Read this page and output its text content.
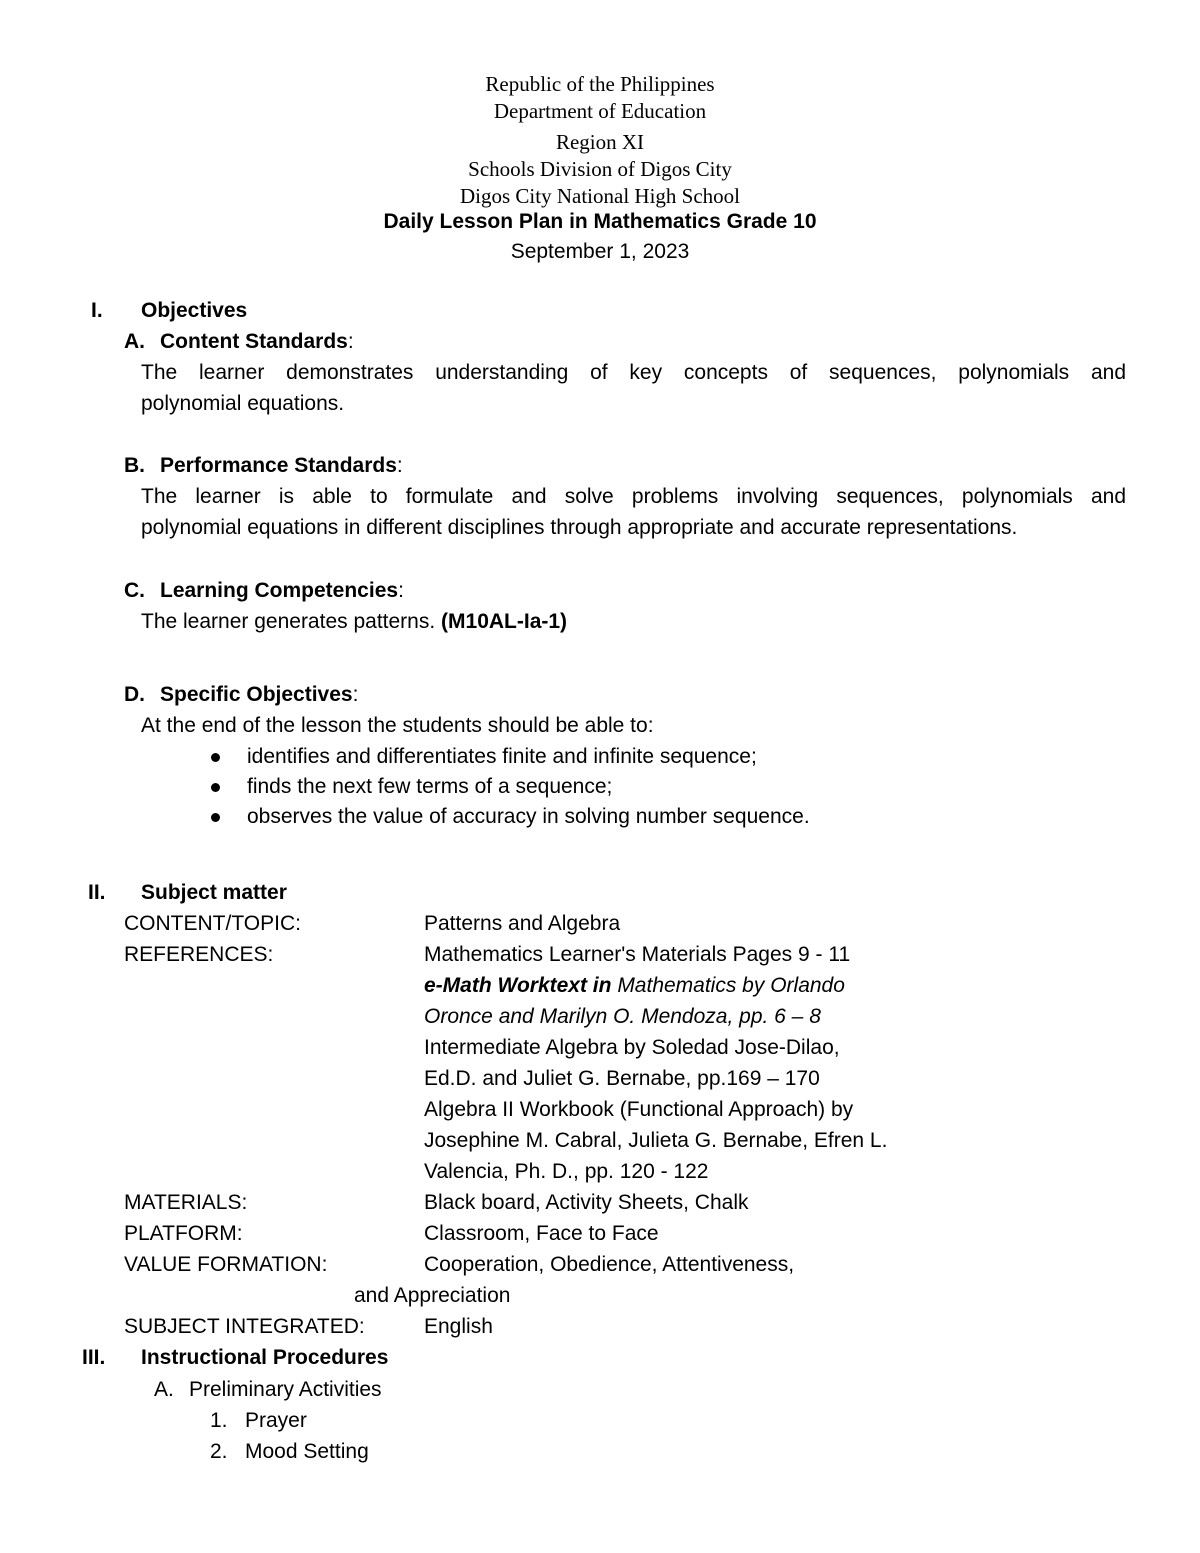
Republic of the Philippines
Department of Education
Region XI
Schools Division of Digos City
Digos City National High School
Daily Lesson Plan in Mathematics Grade 10
September 1, 2023
I. Objectives
A. Content Standards:
The learner demonstrates understanding of key concepts of sequences, polynomials and
polynomial equations.
B. Performance Standards:
The learner is able to formulate and solve problems involving sequences, polynomials and
polynomial equations in different disciplines through appropriate and accurate representations.
C. Learning Competencies:
The learner generates patterns. (M10AL-Ia-1)
D. Specific Objectives:
At the end of the lesson the students should be able to:
identifies and differentiates finite and infinite sequence;
finds the next few terms of a sequence;
observes the value of accuracy in solving number sequence.
II. Subject matter
CONTENT/TOPIC:	Patterns and Algebra
REFERENCES:	Mathematics Learner's Materials Pages 9 - 11
e-Math Worktext in Mathematics by Orlando
Oronce and Marilyn O. Mendoza, pp. 6 – 8
Intermediate Algebra by Soledad Jose-Dilao,
Ed.D. and Juliet G. Bernabe, pp.169 – 170
Algebra II Workbook (Functional Approach) by
Josephine M. Cabral, Julieta G. Bernabe, Efren L.
Valencia, Ph. D., pp. 120 - 122
MATERIALS:	Black board, Activity Sheets, Chalk
PLATFORM:	Classroom, Face to Face
VALUE FORMATION:	Cooperation, Obedience, Attentiveness,
and Appreciation
SUBJECT INTEGRATED:	English
III. Instructional Procedures
A. Preliminary Activities
1. Prayer
2. Mood Setting
